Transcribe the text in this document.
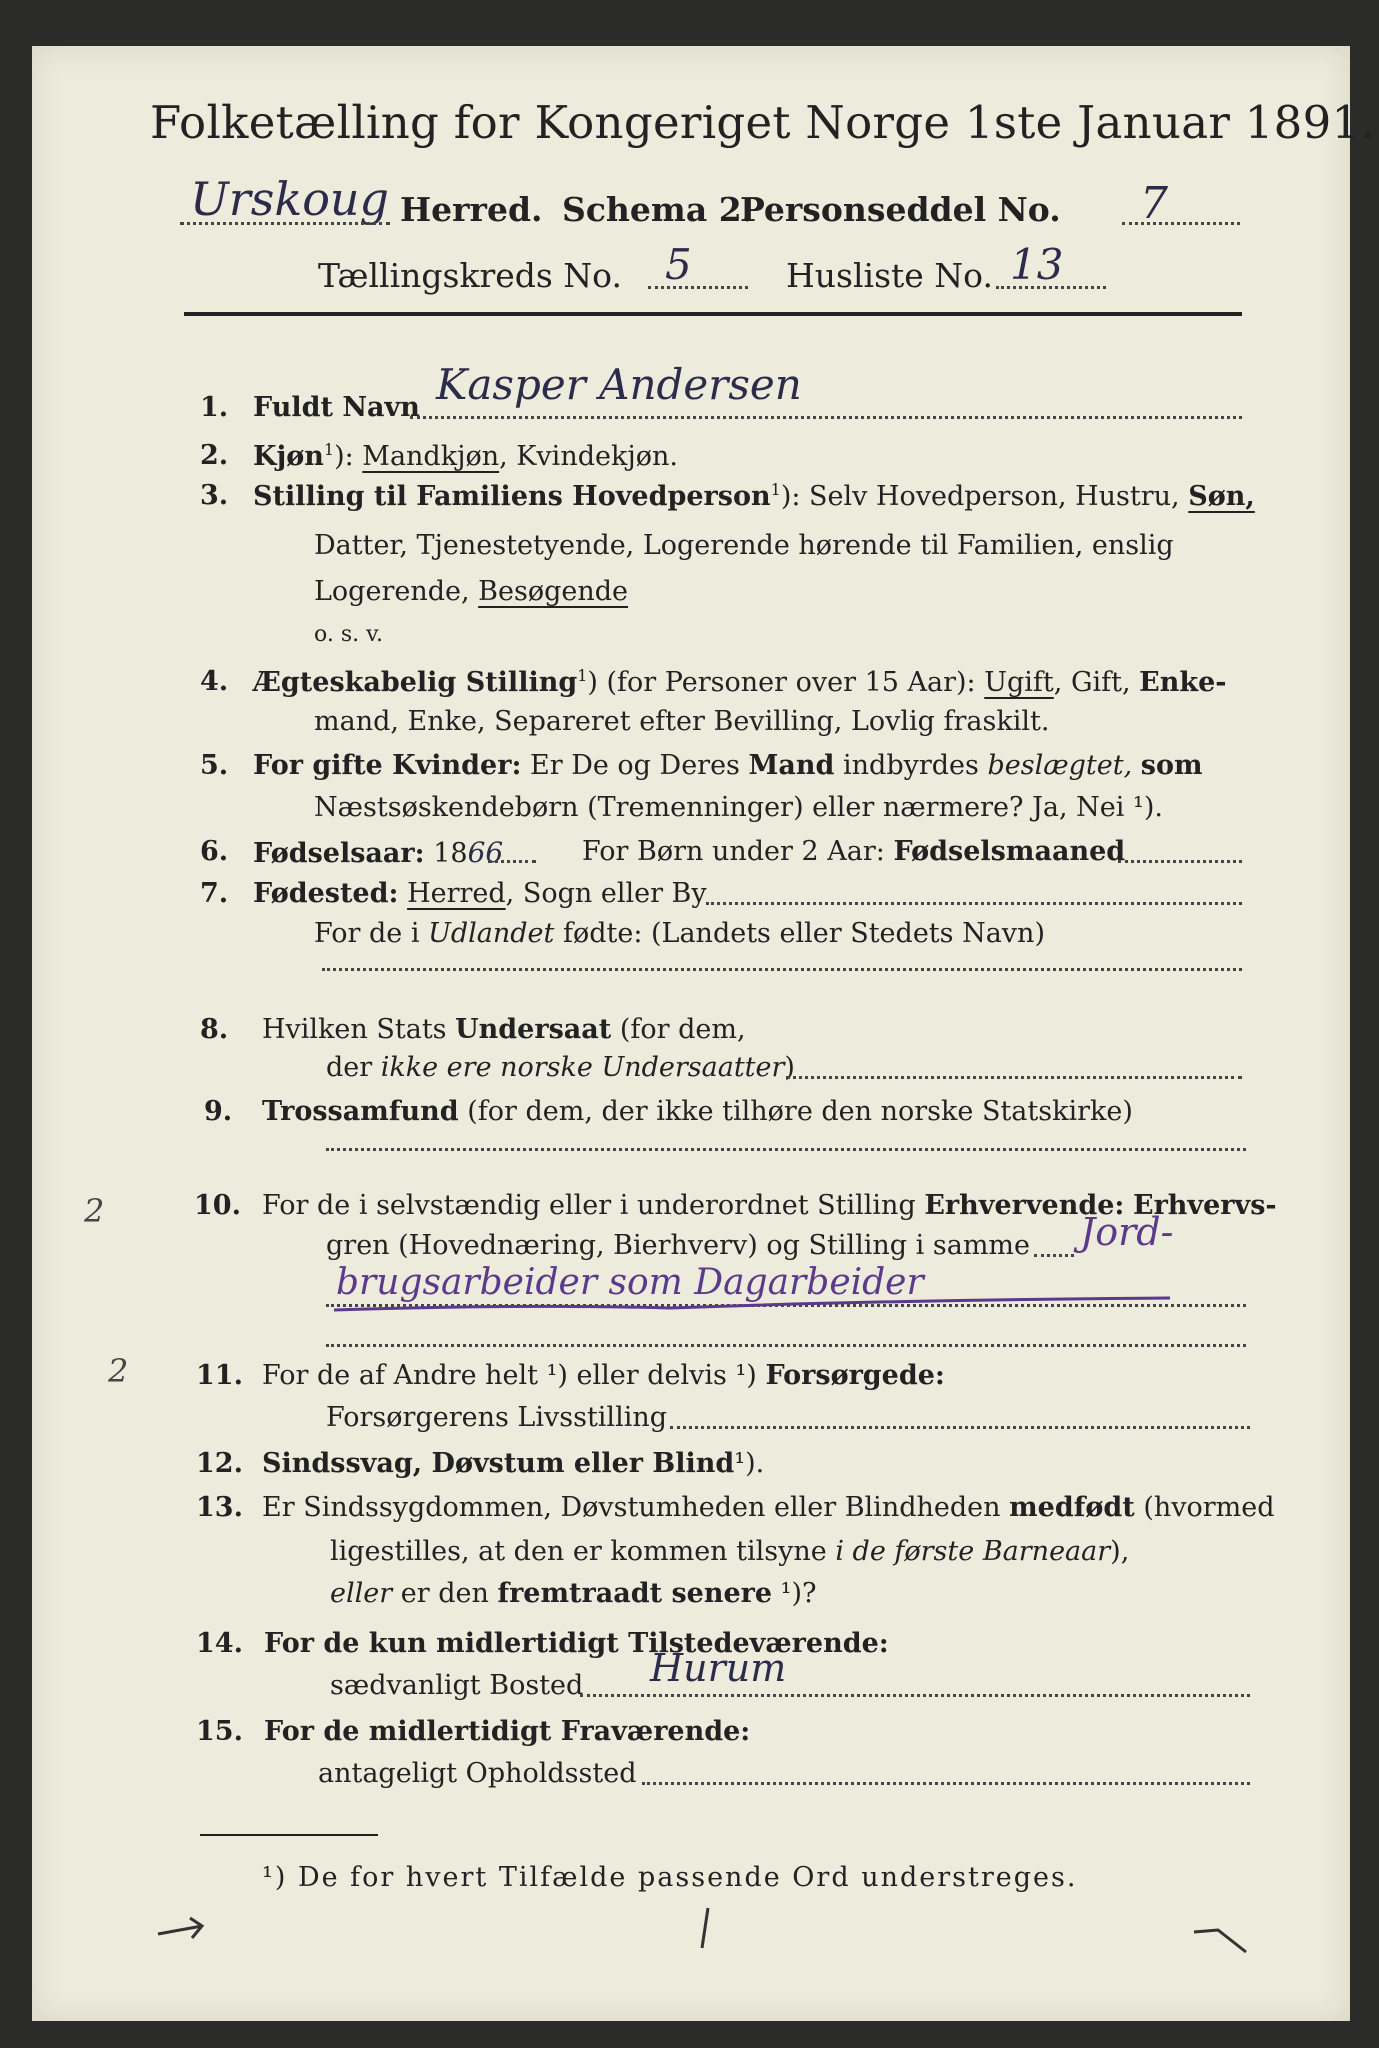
Folketælling for Kongeriget Norge 1ste Januar 1891.
Urskoug Herred. Schema 2.
Personseddel No. 7
Tællingskreds No. 5	Husliste No. 13
1. Fuldt Navn Kasper Andersen
2. Kjøn$^1$): Mandkjøn, Kvindekjøn.
3. Stilling til Familiens Hovedperson$^1$): Selv Hovedperson, Hustru, Søn,
Datter, Tjenestetyende, Logerende hørende til Familien, enslig
Logerende, Besøgende
o. s. v.
4. Ægteskabelig Stilling$^1$) (for Personer over 15 Aar): Ugift, Gift, Enke-
mand, Enke, Separeret efter Bevilling, Lovlig fraskilt.
5. For gifte Kvinder: Er De og Deres Mand indbyrdes beslægtet, som
Næstsøskendebørn (Tremenninger) eller nærmere? Ja, Nei ¹).
6. Fødselsaar: 1866	For Børn under 2 Aar: Fødselsmaaned
7. Fødested: Herred, Sogn eller By
For de i Udlandet fødte: (Landets eller Stedets Navn)
8. Hvilken Stats Undersaat (for dem,
der ikke ere norske Undersaatter)
9. Trossamfund (for dem, der ikke tilhøre den norske Statskirke)
2	10. For de i selvstændig eller i underordnet Stilling Erhvervende: Erhvervs-
gren (Hovednæring, Bierhverv) og Stilling i samme Jord-
brugsarbeider som Dagarbeider
2	11. For de af Andre helt ¹) eller delvis ¹) Forsørgede:
Forsørgerens Livsstilling
12. Sindssvag, Døvstum eller Blind¹).
13. Er Sindssygdommen, Døvstumheden eller Blindheden medfødt (hvormed
ligestilles, at den er kommen tilsyne i de første Barneaar),
eller er den fremtraadt senere ¹)?
14. For de kun midlertidigt Tilstedeværende:
sædvanligt Bosted Hurum
15. For de midlertidigt Fraværende:
antageligt Opholdssted
¹) De for hvert Tilfælde passende Ord understreges.
